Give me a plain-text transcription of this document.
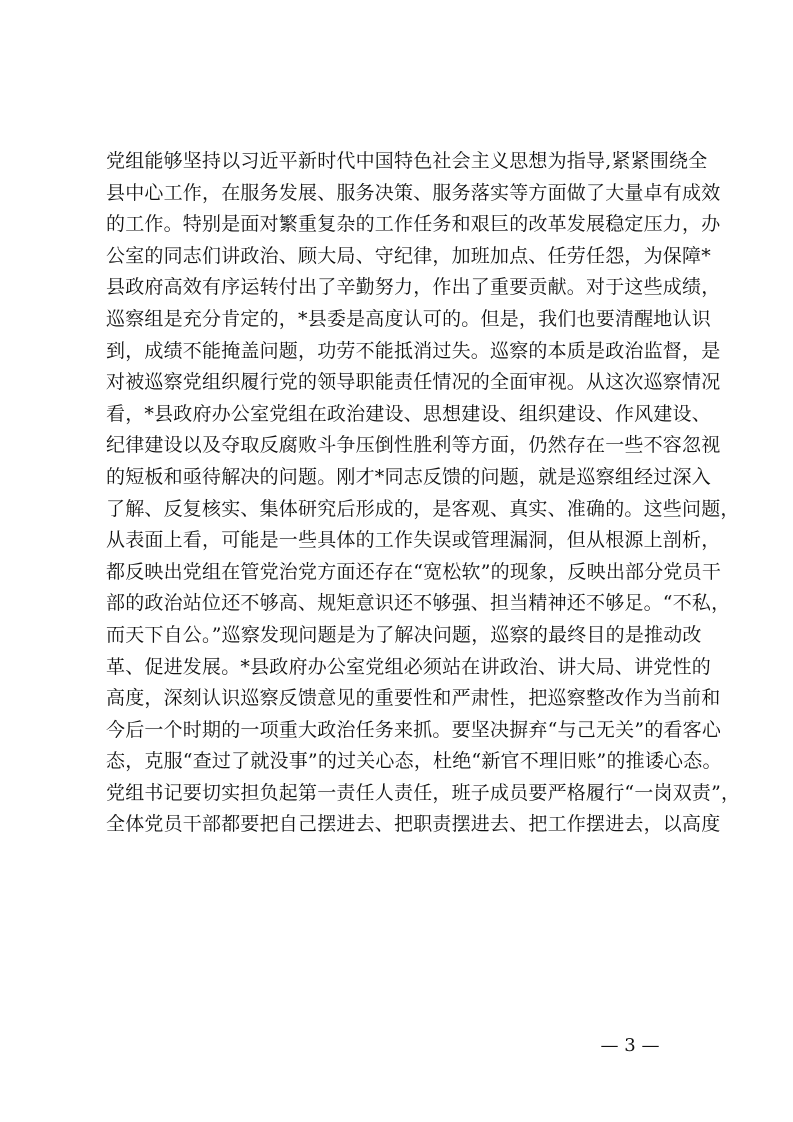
党组能够坚持以习近平新时代中国特色社会主义思想为指导,紧紧围绕全
县中心工作，在服务发展、服务决策、服务落实等方面做了大量卓有成效
的工作。特别是面对繁重复杂的工作任务和艰巨的改革发展稳定压力，办
公室的同志们讲政治、顾大局、守纪律，加班加点、任劳任怨，为保障*
县政府高效有序运转付出了辛勤努力，作出了重要贡献。对于这些成绩，
巡察组是充分肯定的，*县委是高度认可的。但是，我们也要清醒地认识
到，成绩不能掩盖问题，功劳不能抵消过失。巡察的本质是政治监督，是
对被巡察党组织履行党的领导职能责任情况的全面审视。从这次巡察情况
看，*县政府办公室党组在政治建设、思想建设、组织建设、作风建设、
纪律建设以及夺取反腐败斗争压倒性胜利等方面，仍然存在一些不容忽视
的短板和亟待解决的问题。刚才*同志反馈的问题，就是巡察组经过深入
了解、反复核实、集体研究后形成的，是客观、真实、准确的。这些问题，
从表面上看，可能是一些具体的工作失误或管理漏洞，但从根源上剖析，
都反映出党组在管党治党方面还存在“宽松软”的现象，反映出部分党员干
部的政治站位还不够高、规矩意识还不够强、担当精神还不够足。“不私，
而天下自公。”巡察发现问题是为了解决问题，巡察的最终目的是推动改
革、促进发展。*县政府办公室党组必须站在讲政治、讲大局、讲党性的
高度，深刻认识巡察反馈意见的重要性和严肃性，把巡察整改作为当前和
今后一个时期的一项重大政治任务来抓。要坚决摒弃“与己无关”的看客心
态，克服“查过了就没事”的过关心态，杜绝“新官不理旧账”的推诿心态。
党组书记要切实担负起第一责任人责任，班子成员要严格履行“一岗双责”，
全体党员干部都要把自己摆进去、把职责摆进去、把工作摆进去，以高度
— 3 —
